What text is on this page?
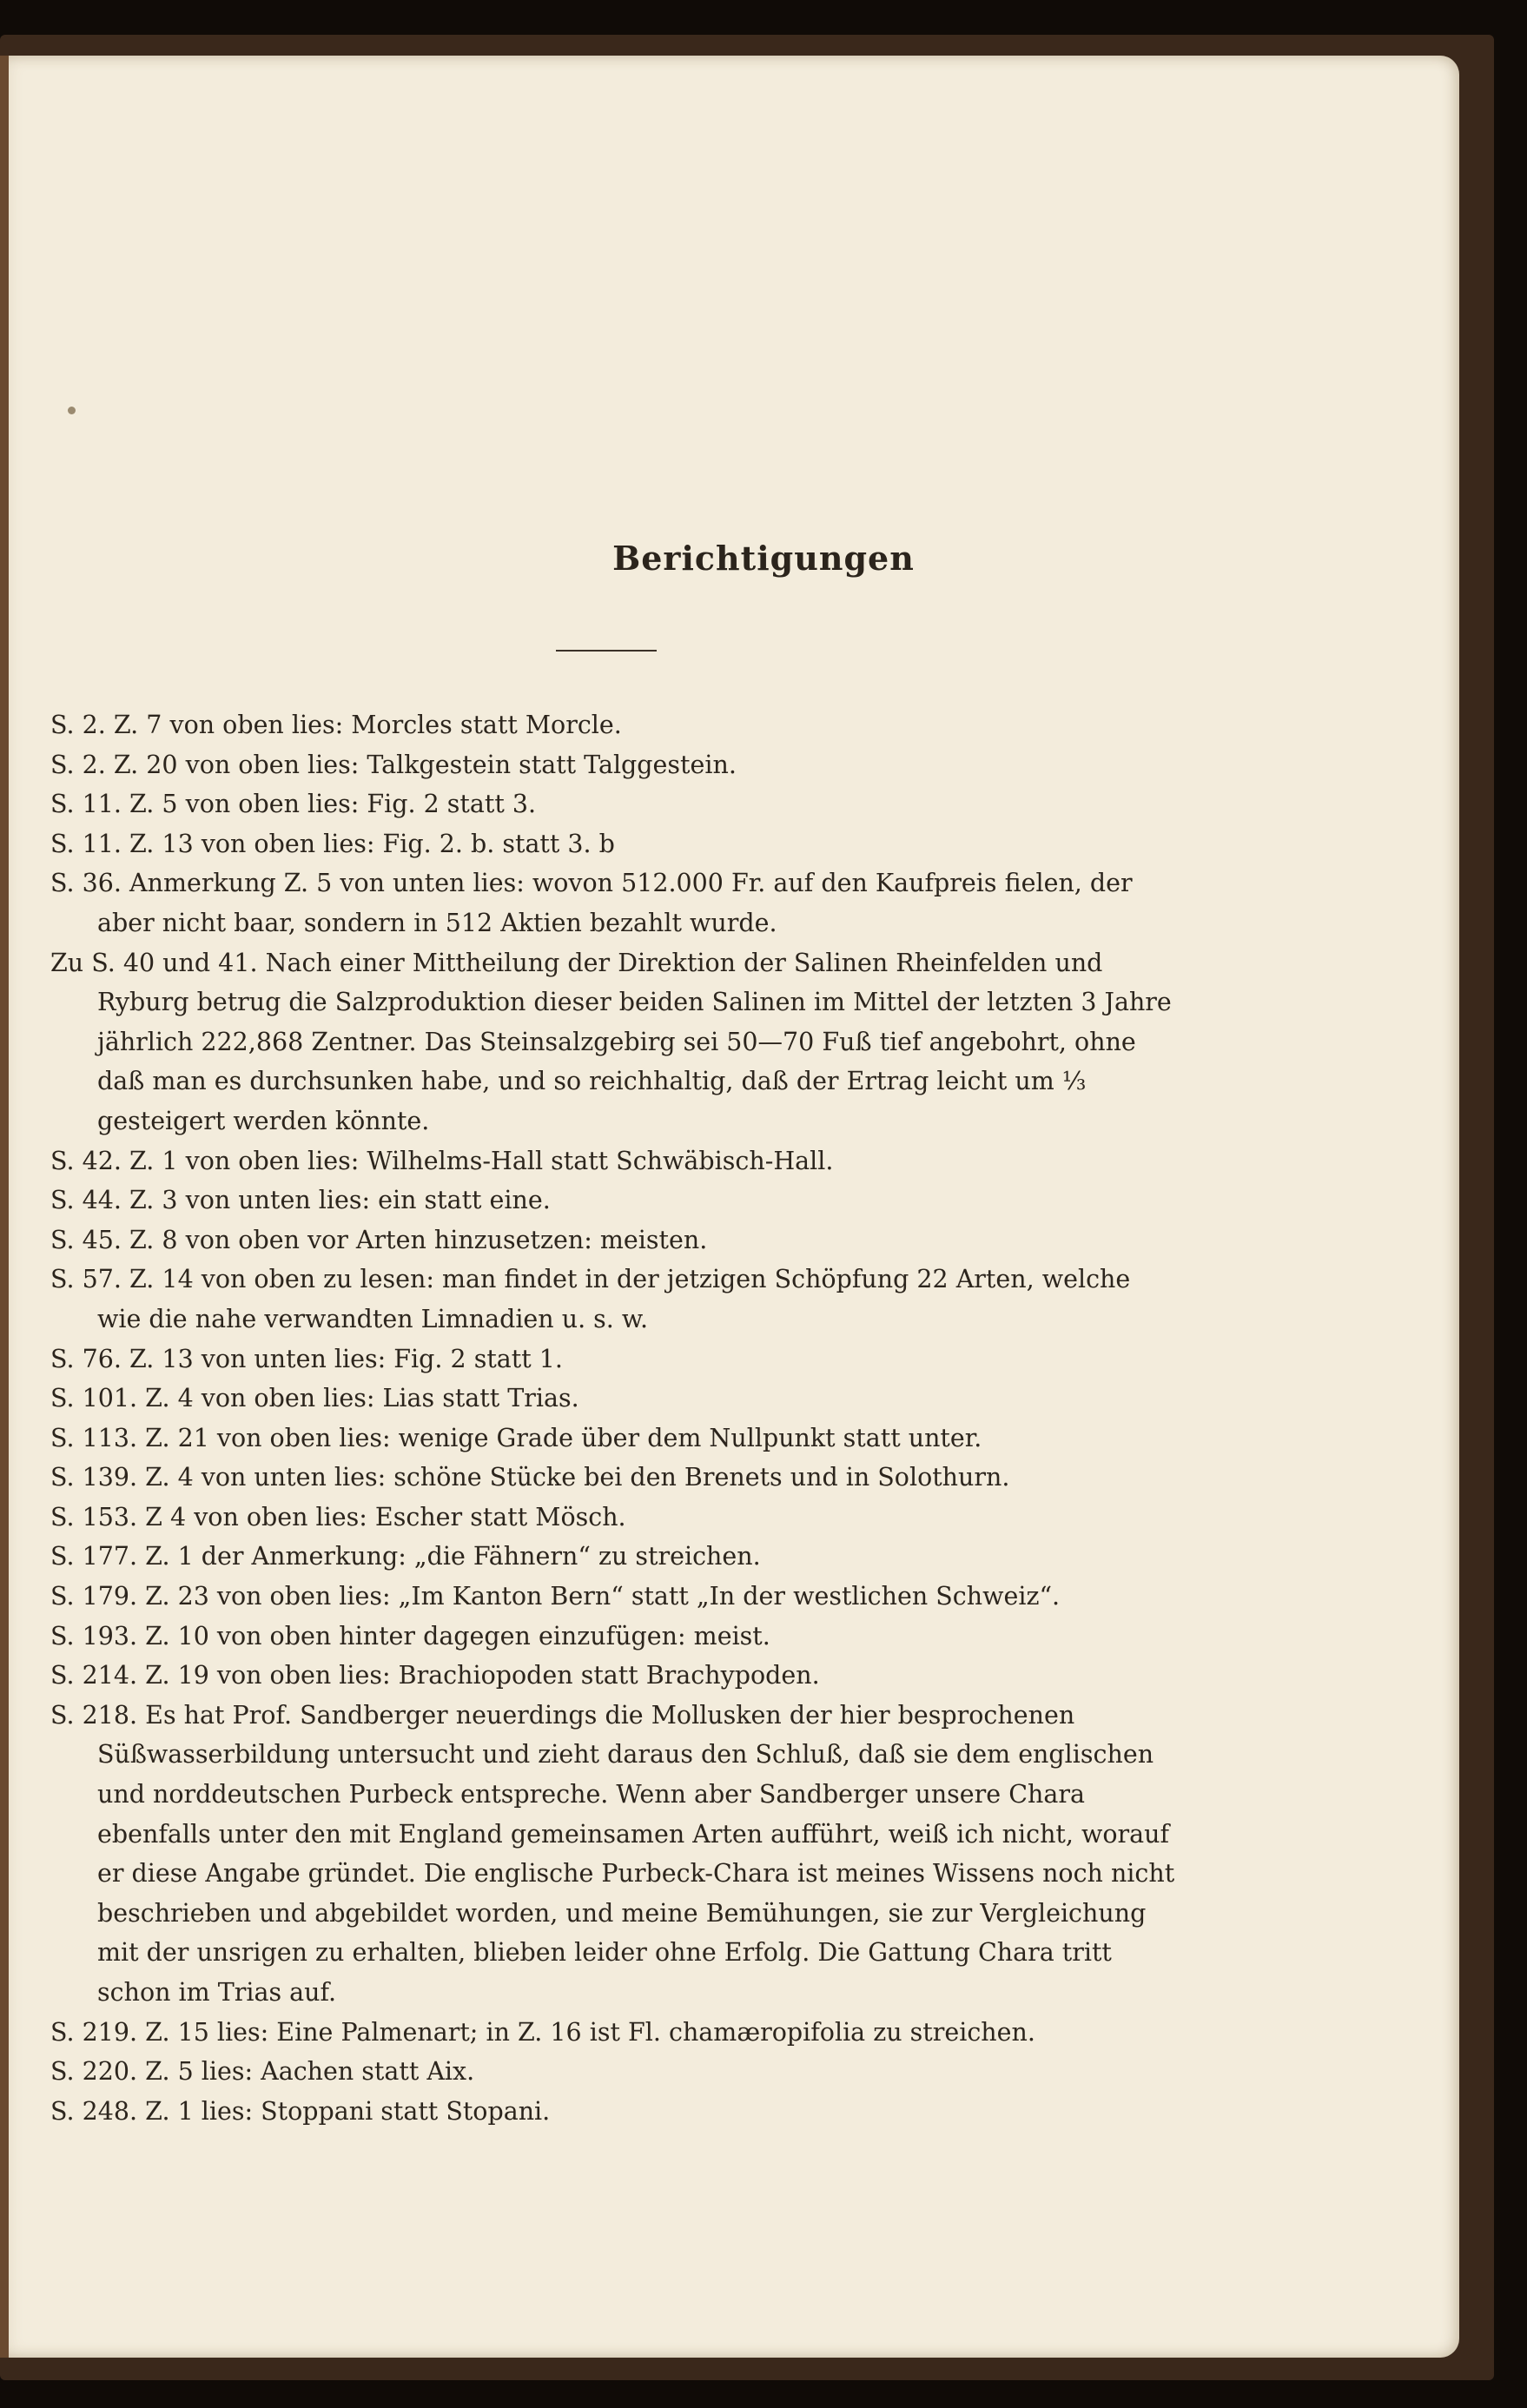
Berichtigungen

S. 2. Z. 7 von oben lies: Morcles statt Morcle.

S. 2. Z. 20 von oben lies: Talkgestein statt Talggestein.

S. 11. Z. 5 von oben lies: Fig. 2 statt 3.

S. 11. Z. 13 von oben lies: Fig. 2. b. statt 3. b

S. 36. Anmerkung Z. 5 von unten lies: wovon 512.000 Fr. auf den Kaufpreis fielen, der aber nicht baar, sondern in 512 Aktien bezahlt wurde.

Zu S. 40 und 41. Nach einer Mittheilung der Direktion der Salinen Rheinfelden und Ryburg betrug die Salzproduktion dieser beiden Salinen im Mittel der letzten 3 Jahre jährlich 222,868 Zentner. Das Steinsalzgebirg sei 50—70 Fuß tief angebohrt, ohne daß man es durchsunken habe, und so reichhaltig, daß der Ertrag leicht um ⅓ gesteigert werden könnte.

S. 42. Z. 1 von oben lies: Wilhelms-Hall statt Schwäbisch-Hall.

S. 44. Z. 3 von unten lies: ein statt eine.

S. 45. Z. 8 von oben vor Arten hinzusetzen: meisten.

S. 57. Z. 14 von oben zu lesen: man findet in der jetzigen Schöpfung 22 Arten, welche wie die nahe verwandten Limnadien u. s. w.

S. 76. Z. 13 von unten lies: Fig. 2 statt 1.

S. 101. Z. 4 von oben lies: Lias statt Trias.

S. 113. Z. 21 von oben lies: wenige Grade über dem Nullpunkt statt unter.

S. 139. Z. 4 von unten lies: schöne Stücke bei den Brenets und in Solothurn.

S. 153. Z 4 von oben lies: Escher statt Mösch.

S. 177. Z. 1 der Anmerkung: „die Fähnern“ zu streichen.

S. 179. Z. 23 von oben lies: „Im Kanton Bern“ statt „In der westlichen Schweiz“.

S. 193. Z. 10 von oben hinter dagegen einzufügen: meist.

S. 214. Z. 19 von oben lies: Brachiopoden statt Brachypoden.

S. 218. Es hat Prof. Sandberger neuerdings die Mollusken der hier besprochenen Süßwasserbildung untersucht und zieht daraus den Schluß, daß sie dem englischen und norddeutschen Purbeck entspreche. Wenn aber Sandberger unsere Chara ebenfalls unter den mit England gemeinsamen Arten aufführt, weiß ich nicht, worauf er diese Angabe gründet. Die englische Purbeck-Chara ist meines Wissens noch nicht beschrieben und abgebildet worden, und meine Bemühungen, sie zur Vergleichung mit der unsrigen zu erhalten, blieben leider ohne Erfolg. Die Gattung Chara tritt schon im Trias auf.

S. 219. Z. 15 lies: Eine Palmenart; in Z. 16 ist Fl. chamæropifolia zu streichen.

S. 220. Z. 5 lies: Aachen statt Aix.

S. 248. Z. 1 lies: Stoppani statt Stopani.
